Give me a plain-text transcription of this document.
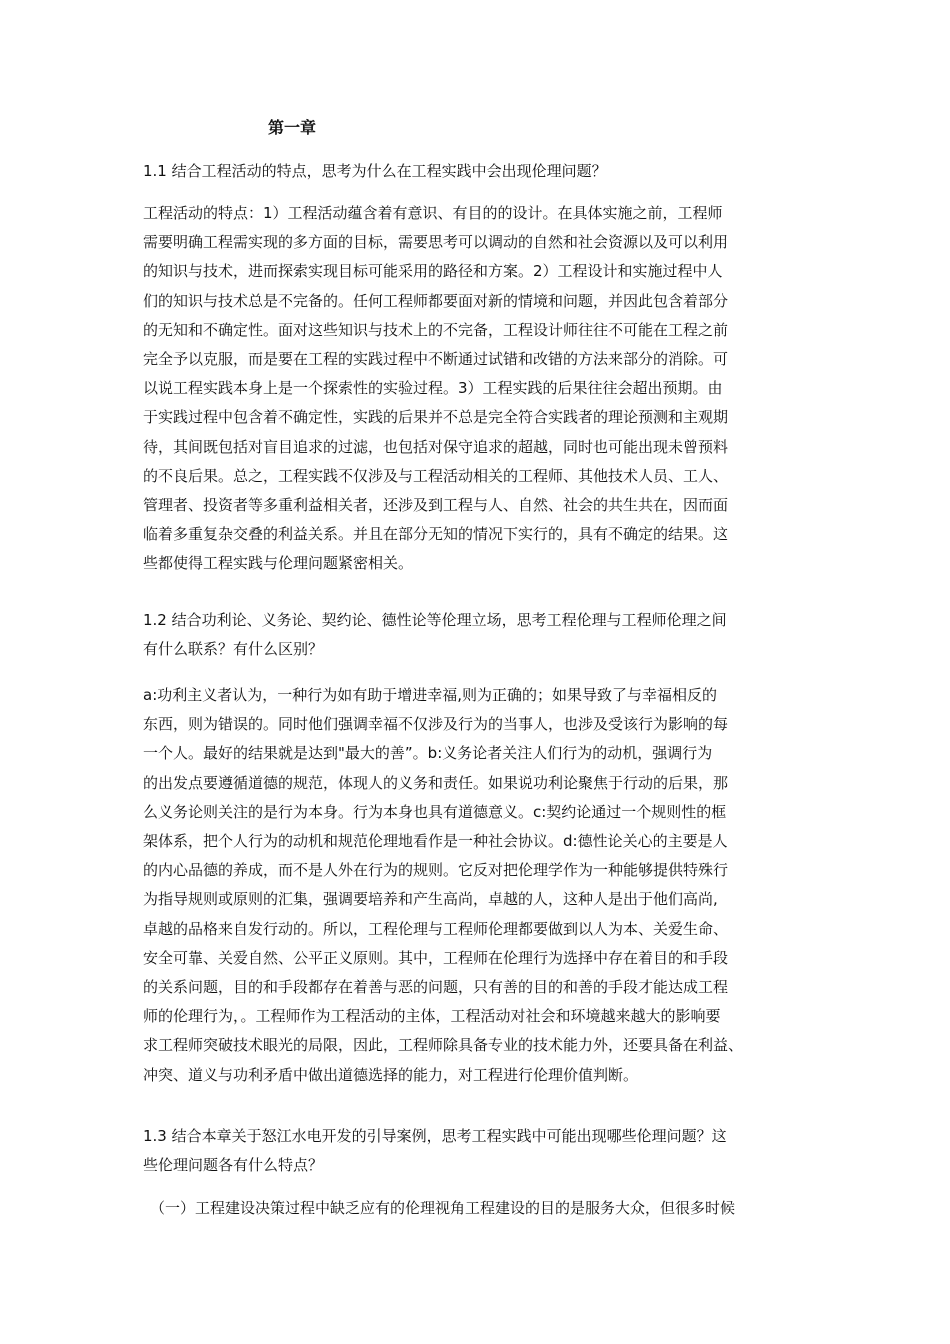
第一章

1.1 结合工程活动的特点，思考为什么在工程实践中会出现伦理问题？

工程活动的特点：1）工程活动蕴含着有意识、有目的的设计。在具体实施之前，工程师
需要明确工程需实现的多方面的目标，需要思考可以调动的自然和社会资源以及可以利用
的知识与技术，进而探索实现目标可能采用的路径和方案。2）工程设计和实施过程中人
们的知识与技术总是不完备的。任何工程师都要面对新的情境和问题，并因此包含着部分
的无知和不确定性。面对这些知识与技术上的不完备，工程设计师往往不可能在工程之前
完全予以克服，而是要在工程的实践过程中不断通过试错和改错的方法来部分的消除。可
以说工程实践本身上是一个探索性的实验过程。3）工程实践的后果往往会超出预期。由
于实践过程中包含着不确定性，实践的后果并不总是完全符合实践者的理论预测和主观期
待，其间既包括对盲目追求的过滤，也包括对保守追求的超越，同时也可能出现未曾预料
的不良后果。总之，工程实践不仅涉及与工程活动相关的工程师、其他技术人员、工人、
管理者、投资者等多重利益相关者，还涉及到工程与人、自然、社会的共生共在，因而面
临着多重复杂交叠的利益关系。并且在部分无知的情况下实行的，具有不确定的结果。这
些都使得工程实践与伦理问题紧密相关。
1.2 结合功利论、义务论、契约论、德性论等伦理立场，思考工程伦理与工程师伦理之间
有什么联系？有什么区别？
a:功利主义者认为，一种行为如有助于增进幸福,则为正确的；如果导致了与幸福相反的
东西，则为错误的。同时他们强调幸福不仅涉及行为的当事人，也涉及受该行为影响的每
一个人。最好的结果就是达到"最大的善”。b:义务论者关注人们行为的动机，强调行为
的出发点要遵循道德的规范，体现人的义务和责任。如果说功利论聚焦于行动的后果，那
么义务论则关注的是行为本身。行为本身也具有道德意义。c:契约论通过一个规则性的框
架体系，把个人行为的动机和规范伦理地看作是一种社会协议。d:德性论关心的主要是人
的内心品德的养成，而不是人外在行为的规则。它反对把伦理学作为一种能够提供特殊行
为指导规则或原则的汇集，强调要培养和产生高尚，卓越的人，这种人是出于他们高尚,
卓越的品格来自发行动的。所以，工程伦理与工程师伦理都要做到以人为本、关爱生命、
安全可靠、关爱自然、公平正义原则。其中，工程师在伦理行为选择中存在着目的和手段
的关系问题，目的和手段都存在着善与恶的问题，只有善的目的和善的手段才能达成工程
师的伦理行为，。工程师作为工程活动的主体，工程活动对社会和环境越来越大的影响要
求工程师突破技术眼光的局限，因此，工程师除具备专业的技术能力外，还要具备在利益、
冲突、道义与功利矛盾中做出道德选择的能力，对工程进行伦理价值判断。
1.3 结合本章关于怒江水电开发的引导案例，思考工程实践中可能出现哪些伦理问题？这
些伦理问题各有什么特点？
（一）工程建设决策过程中缺乏应有的伦理视角工程建设的目的是服务大众，但很多时候
